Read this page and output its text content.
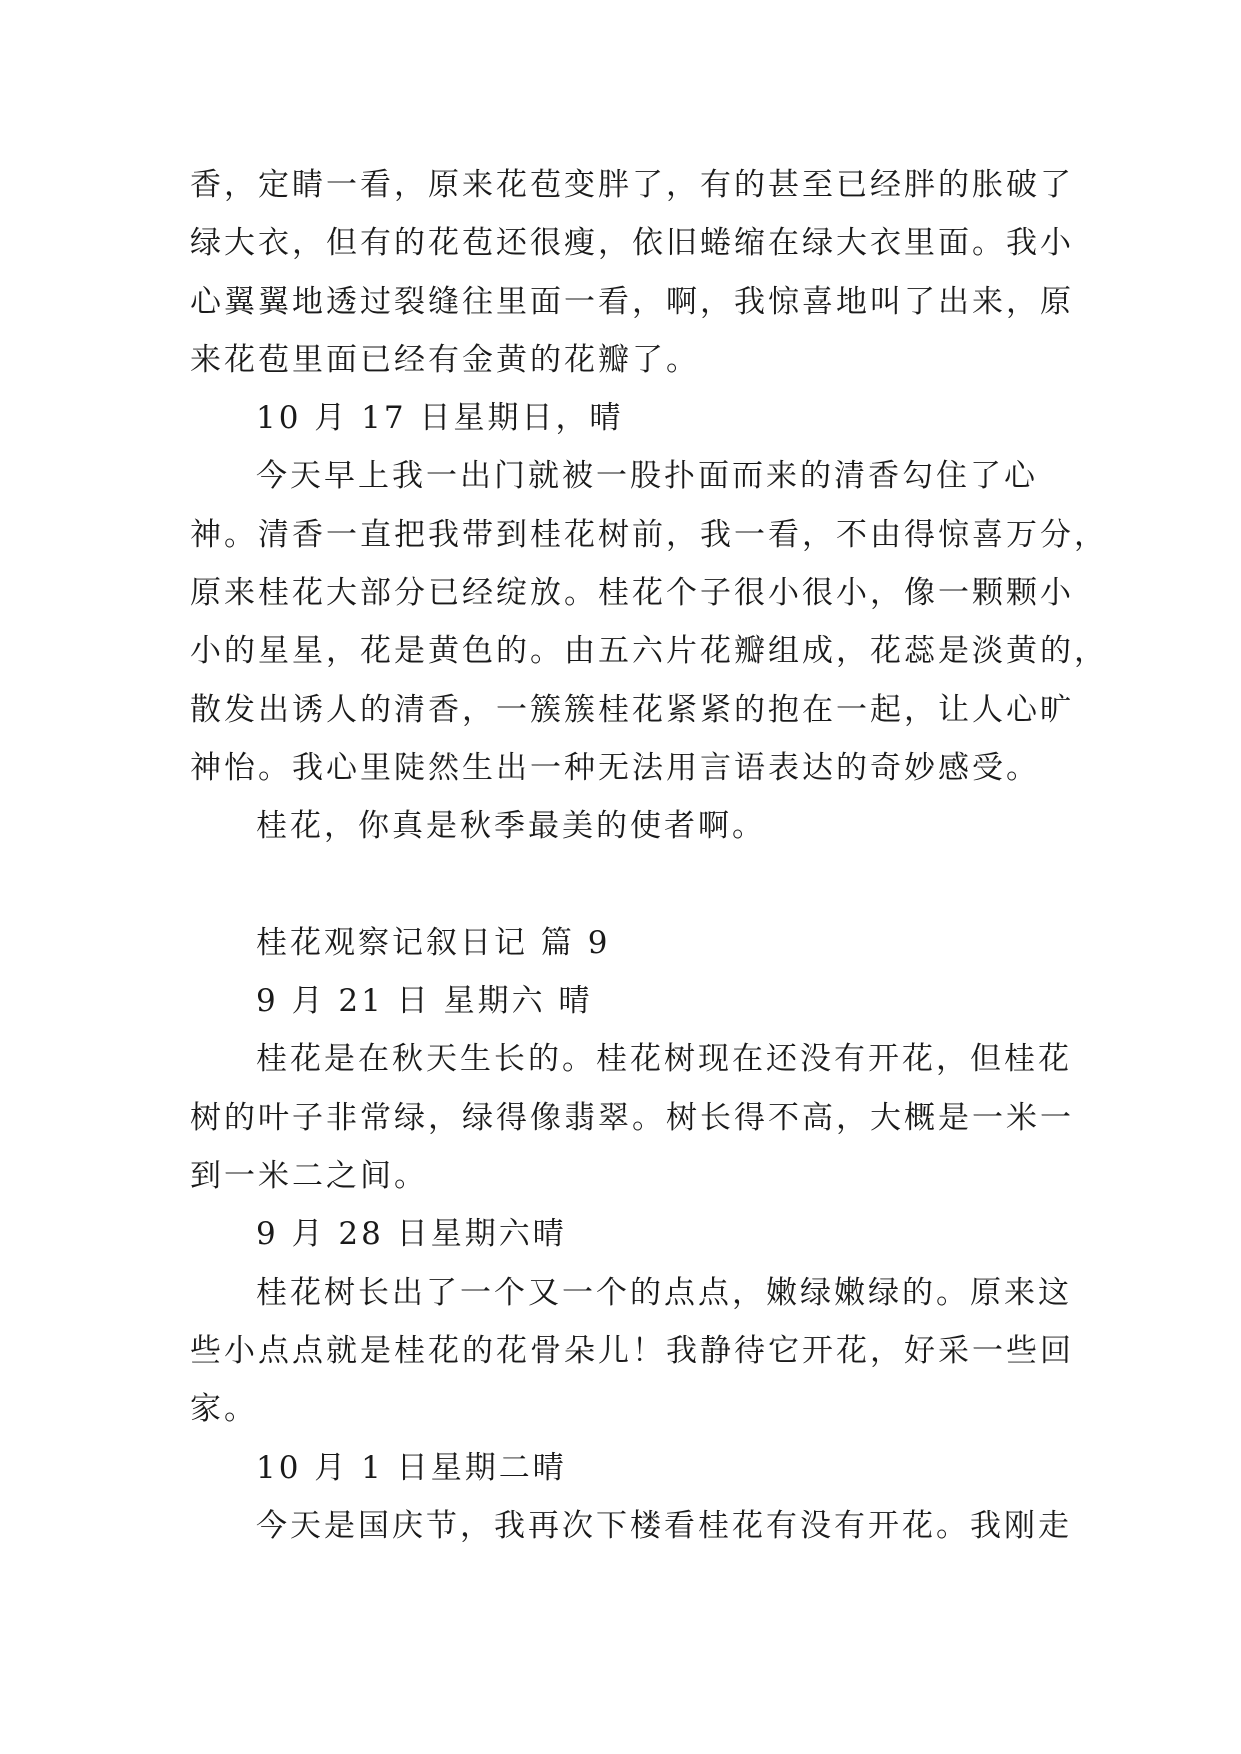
香，定睛一看，原来花苞变胖了，有的甚至已经胖的胀破了
绿大衣，但有的花苞还很瘦，依旧蜷缩在绿大衣里面。我小
心翼翼地透过裂缝往里面一看，啊，我惊喜地叫了出来，原
来花苞里面已经有金黄的花瓣了。
10 月 17 日星期日，晴
今天早上我一出门就被一股扑面而来的清香勾住了心
神。清香一直把我带到桂花树前，我一看，不由得惊喜万分，
原来桂花大部分已经绽放。桂花个子很小很小，像一颗颗小
小的星星，花是黄色的。由五六片花瓣组成，花蕊是淡黄的，
散发出诱人的清香，一簇簇桂花紧紧的抱在一起，让人心旷
神怡。我心里陡然生出一种无法用言语表达的奇妙感受。
桂花，你真是秋季最美的使者啊。
桂花观察记叙日记 篇 9
9 月 21 日 星期六 晴
桂花是在秋天生长的。桂花树现在还没有开花，但桂花
树的叶子非常绿，绿得像翡翠。树长得不高，大概是一米一
到一米二之间。
9 月 28 日星期六晴
桂花树长出了一个又一个的点点，嫩绿嫩绿的。原来这
些小点点就是桂花的花骨朵儿！我静待它开花，好采一些回
家。
10 月 1 日星期二晴
今天是国庆节，我再次下楼看桂花有没有开花。我刚走
